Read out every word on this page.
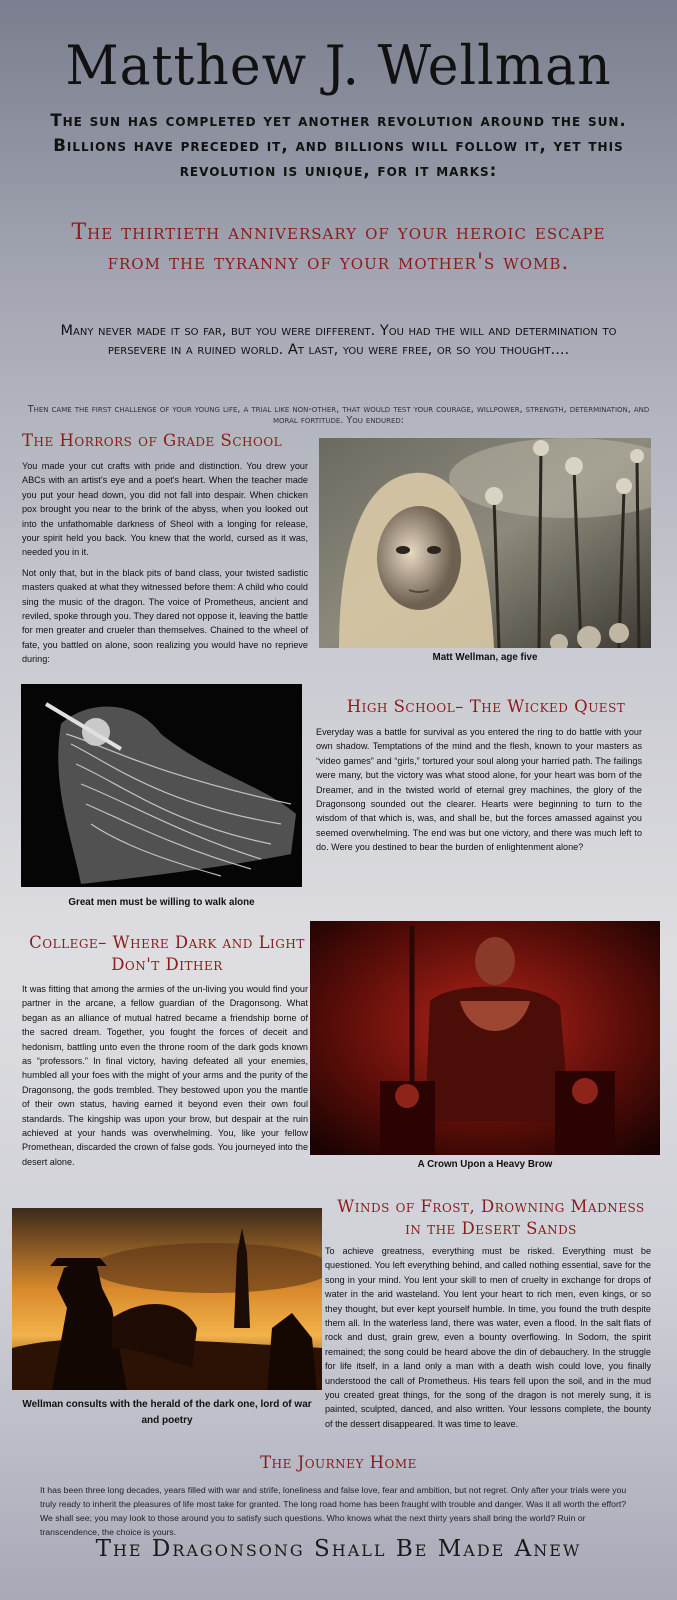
Matthew J. Wellman
The sun has completed yet another revolution around the sun. Billions have preceded it, and billions will follow it, yet this revolution is unique, for it marks:
The thirtieth anniversary of your heroic escape from the tyranny of your mother's womb.
Many never made it so far, but you were different. You had the will and determination to persevere in a ruined world. At last, you were free, or so you thought....
Then came the first challenge of your young life, a trial like non-other, that would test your courage, willpower, strength, determination, and moral fortitude. You endured:
The Horrors of Grade School

You made your cut crafts with pride and distinction. You drew your ABCs with an artist's eye and a poet's heart. When the teacher made you put your head down, you did not fall into despair. When chicken pox brought you near to the brink of the abyss, when you looked out into the unfathomable darkness of Sheol with a longing for release, your spirit held you back. You knew that the world, cursed as it was, needed you in it.

Not only that, but in the black pits of band class, your twisted sadistic masters quaked at what they witnessed before them: A child who could sing the music of the dragon. The voice of Prometheus, ancient and reviled, spoke through you. They dared not oppose it, leaving the battle for men greater and crueler than themselves. Chained to the wheel of fate, you battled on alone, soon realizing you would have no reprieve during:	Matt Wellman, age five
Great men must be willing to walk alone
High School– The Wicked Quest

Everyday was a battle for survival as you entered the ring to do battle with your own shadow. Temptations of the mind and the flesh, known to your masters as “video games” and “girls,” tortured your soul along your harried path. The failings were many, but the victory was what stood alone, for your heart was born of the Dreamer, and in the twisted world of eternal grey machines, the glory of the Dragonsong sounded out the clearer. Hearts were beginning to turn to the wisdom of that which is, was, and shall be, but the forces amassed against you seemed overwhelming. The end was but one victory, and there was much left to do. Were you destined to bear the burden of enlightenment alone?

College– Where Dark and Light Don't Dither

It was fitting that among the armies of the un-living you would find your partner in the arcane, a fellow guardian of the Dragonsong. What began as an alliance of mutual hatred became a friendship borne of the sacred dream. Together, you fought the forces of deceit and hedonism, battling unto even the throne room of the dark gods known as “professors.” In final victory, having defeated all your enemies, humbled all your foes with the might of your arms and the purity of the Dragonsong, the gods trembled. They bestowed upon you the mantle of their own status, having earned it beyond even their own foul standards. The kingship was upon your brow, but despair at the ruin achieved at your hands was overwhelming. You, like your fellow Promethean, discarded the crown of false gods. You journeyed into the desert alone.	A Crown Upon a Heavy Brow
Wellman consults with the herald of the dark one, lord of war and poetry
Winds of Frost, Drowning Madness in the Desert Sands

To achieve greatness, everything must be risked. Everything must be questioned. You left everything behind, and called nothing essential, save for the song in your mind. You lent your skill to men of cruelty in exchange for drops of water in the arid wasteland. You lent your heart to rich men, even kings, or so they thought, but ever kept yourself humble. In time, you found the truth despite them all. In the waterless land, there was water, even a flood. In the salt flats of rock and dust, grain grew, even a bounty overflowing. In Sodom, the spirit remained; the song could be heard above the din of debauchery. In the struggle for life itself, in a land only a man with a death wish could love, you finally understood the call of Prometheus. His tears fell upon the soil, and in the mud you created great things, for the song of the dragon is not merely sung, it is painted, sculpted, danced, and also written. Your lessons complete, the bounty of the dessert disappeared. It was time to leave.

The Journey Home
It has been three long decades, years filled with war and strife, loneliness and false love, fear and ambition, but not regret. Only after your trials were you truly ready to inherit the pleasures of life most take for granted. The long road home has been fraught with trouble and danger. Was it all worth the effort? We shall see; you may look to those around you to satisfy such questions. Who knows what the next thirty years shall bring the world? Ruin or transcendence, the choice is yours.
The Dragonsong Shall Be Made Anew
